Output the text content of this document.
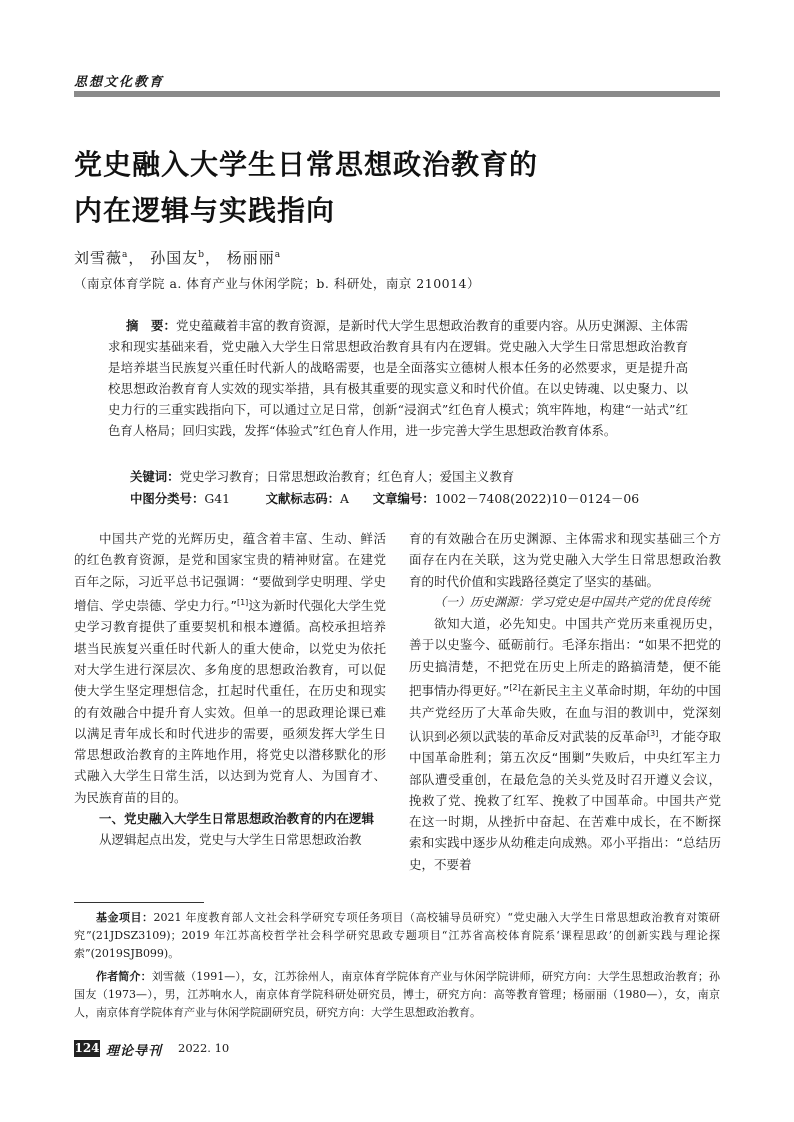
思想文化教育
党史融入大学生日常思想政治教育的
内在逻辑与实践指向
刘雪薇$^a$， 孙国友$^b$， 杨丽丽$^a$
（南京体育学院 a. 体育产业与休闲学院；b. 科研处，南京 210014）
摘　要：党史蕴藏着丰富的教育资源，是新时代大学生思想政治教育的重要内容。从历史渊源、主体需求和现实基础来看，党史融入大学生日常思想政治教育具有内在逻辑。党史融入大学生日常思想政治教育是培养堪当民族复兴重任时代新人的战略需要，也是全面落实立德树人根本任务的必然要求，更是提升高校思想政治教育育人实效的现实举措，具有极其重要的现实意义和时代价值。在以史铸魂、以史聚力、以史力行的三重实践指向下，可以通过立足日常，创新“浸润式”红色育人模式；筑牢阵地，构建“一站式”红色育人格局；回归实践，发挥“体验式”红色育人作用，进一步完善大学生思想政治教育体系。
关键词：党史学习教育；日常思想政治教育；红色育人；爱国主义教育
中图分类号：G41	文献标志码：A 文章编号：1002－7408(2022)10－0124－06

中国共产党的光辉历史，蕴含着丰富、生动、鲜活的红色教育资源，是党和国家宝贵的精神财富。在建党百年之际，习近平总书记强调：“要做到学史明理、学史增信、学史崇德、学史力行。”[1]这为新时代强化大学生党史学习教育提供了重要契机和根本遵循。高校承担培养堪当民族复兴重任时代新人的重大使命，以党史为依托对大学生进行深层次、多角度的思想政治教育，可以促使大学生坚定理想信念，扛起时代重任，在历史和现实的有效融合中提升育人实效。但单一的思政理论课已难以满足青年成长和时代进步的需要，亟须发挥大学生日常思想政治教育的主阵地作用，将党史以潜移默化的形式融入大学生日常生活，以达到为党育人、为国育才、为民族育苗的目的。

一、党史融入大学生日常思想政治教育的内在逻辑

从逻辑起点出发，党史与大学生日常思想政治教

育的有效融合在历史渊源、主体需求和现实基础三个方面存在内在关联，这为党史融入大学生日常思想政治教育的时代价值和实践路径奠定了坚实的基础。

（一）历史渊源：学习党史是中国共产党的优良传统

欲知大道，必先知史。中国共产党历来重视历史，善于以史鉴今、砥砺前行。毛泽东指出：“如果不把党的历史搞清楚，不把党在历史上所走的路搞清楚，便不能把事情办得更好。”[2]在新民主主义革命时期，年幼的中国共产党经历了大革命失败，在血与泪的教训中，党深刻认识到必须以武装的革命反对武装的反革命[3]，才能夺取中国革命胜利；第五次反“围剿”失败后，中央红军主力部队遭受重创，在最危急的关头党及时召开遵义会议，挽救了党、挽救了红军、挽救了中国革命。中国共产党在这一时期，从挫折中奋起、在苦难中成长，在不断探索和实践中逐步从幼稚走向成熟。邓小平指出：“总结历史，不要着

基金项目：2021 年度教育部人文社会科学研究专项任务项目（高校辅导员研究）“党史融入大学生日常思想政治教育对策研究”(21JDSZ3109)；2019 年江苏高校哲学社会科学研究思政专题项目“江苏省高校体育院系‘课程思政’的创新实践与理论探索”(2019SJB099)。

作者简介：刘雪薇（1991—），女，江苏徐州人，南京体育学院体育产业与休闲学院讲师，研究方向：大学生思想政治教育；孙国友（1973—），男，江苏响水人，南京体育学院科研处研究员，博士，研究方向：高等教育管理；杨丽丽（1980—），女，南京人，南京体育学院体育产业与休闲学院副研究员，研究方向：大学生思想政治教育。

124 理论导刊 2022. 10
